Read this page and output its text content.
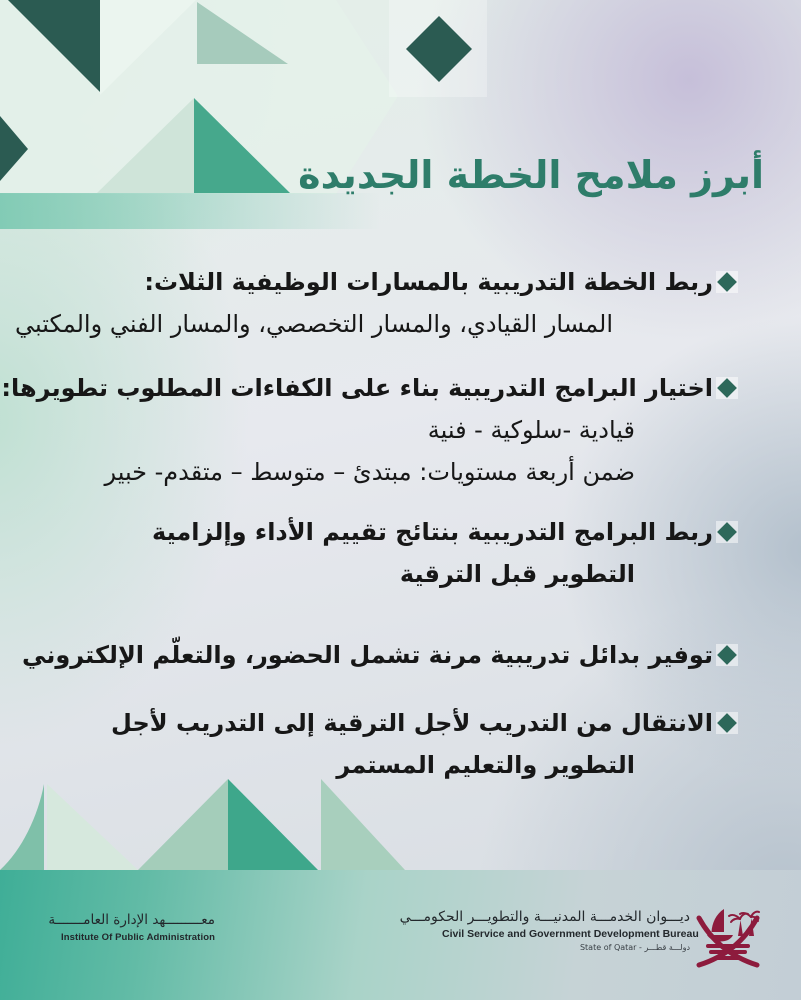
أبرز ملامح الخطة الجديدة
ربط الخطة التدريبية بالمسارات الوظيفية الثلاث:
المسار القيادي، والمسار التخصصي، والمسار الفني والمكتبي
اختيار البرامج التدريبية بناء على الكفاءات المطلوب تطويرها:
قيادية -سلوكية - فنية
ضمن أربعة مستويات: مبتدئ – متوسط – متقدم- خبير
ربط البرامج التدريبية بنتائج تقييم الأداء وإلزامية
التطوير قبل الترقية
توفير بدائل تدريبية مرنة تشمل الحضور، والتعلّم الإلكتروني
الانتقال من التدريب لأجل الترقية إلى التدريب لأجل
التطوير والتعليم المستمر
معـــــــــهد الإدارة العامـــــــة
Institute Of Public Administration
ديـــوان الخدمـــة المدنيـــة والتطويـــر الحكومـــي
Civil Service and Government Development Bureau
دولـــة قطـــر - State of Qatar
